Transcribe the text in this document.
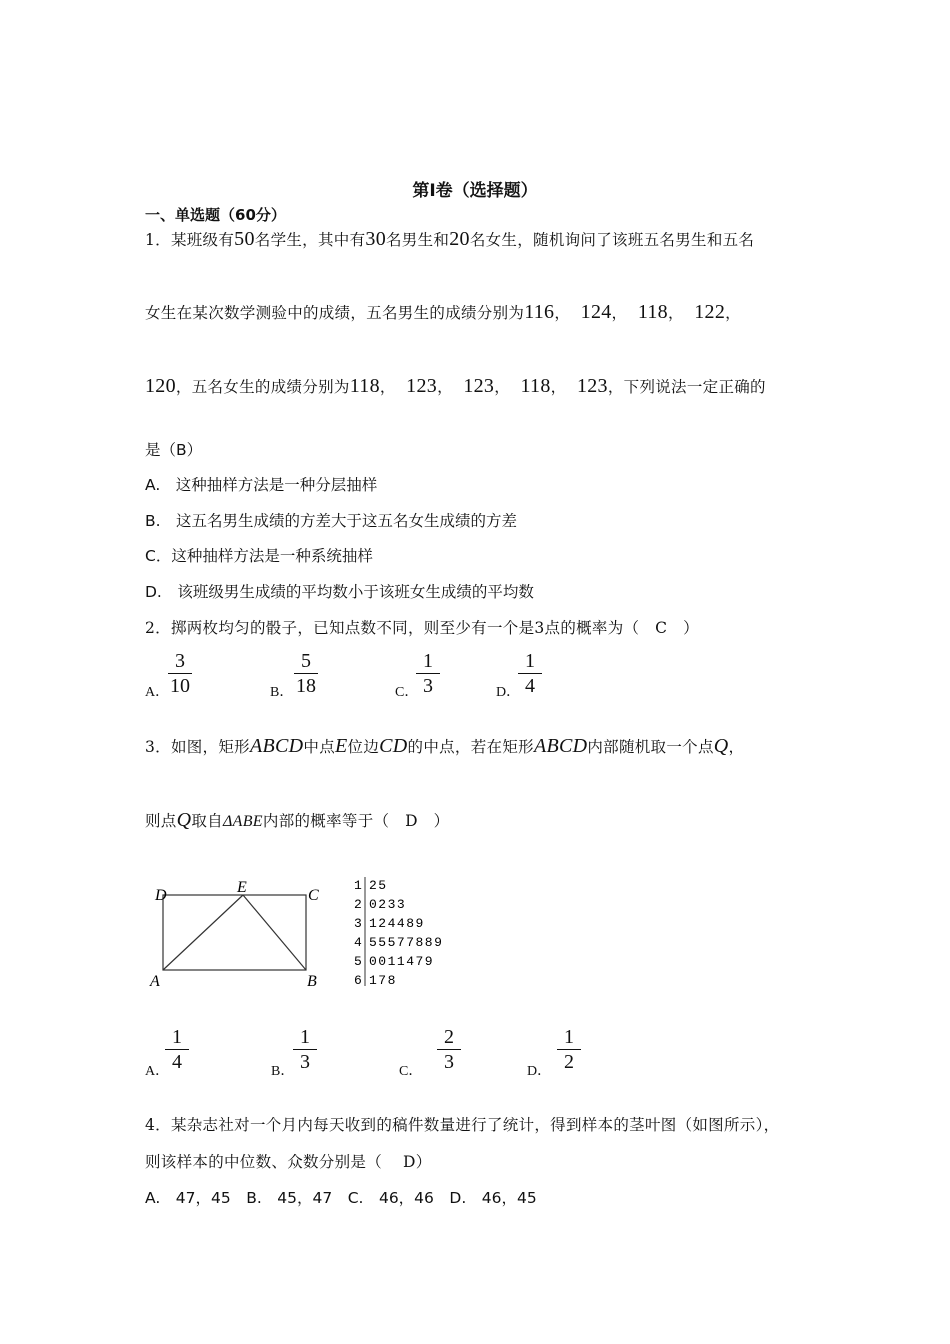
第Ⅰ卷（选择题）
一、单选题（60分）
1．某班级有50名学生，其中有30名男生和20名女生，随机询问了该班五名男生和五名
女生在某次数学测验中的成绩，五名男生的成绩分别为116，  124，  118，  122，
120，五名女生的成绩分别为118，  123，  123，  118，  123，下列说法一定正确的
是（B）
A.　这种抽样方法是一种分层抽样
B.　这五名男生成绩的方差大于这五名女生成绩的方差
C．这种抽样方法是一种系统抽样
D.　该班级男生成绩的平均数小于该班女生成绩的平均数
2．掷两枚均匀的骰子，已知点数不同，则至少有一个是3点的概率为（　C　）
A．
3
10	B．
5
18	C．
1
3	D．
1
4
3．如图，矩形ABCD中点E位边CD的中点，若在矩形ABCD内部随机取一个点Q，
则点Q取自ΔABE内部的概率等于（　D　）
D	E	C
A	B
1 25
2 0233
3 124489
4 55577889
5 0011479
6 178
A．
1
4	B．
1
3	C．
2
3	D．
1
2
4．某杂志社对一个月内每天收到的稿件数量进行了统计，得到样本的茎叶图（如图所示），
则该样本的中位数、众数分别是（　 D）
A.　47，45　B.　45，47　C.　46，46　D.　46，45
